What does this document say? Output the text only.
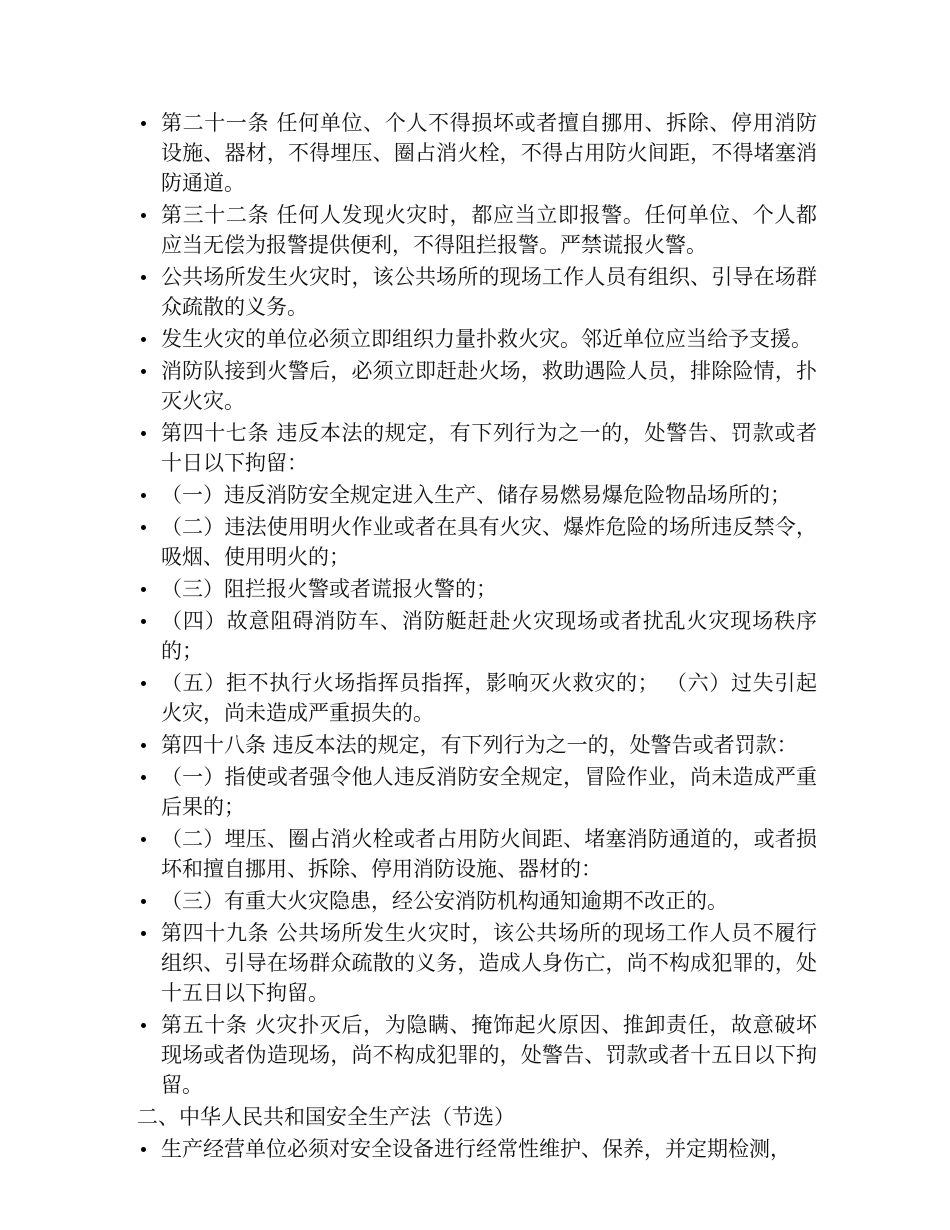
第二十一条 任何单位、个人不得损坏或者擅自挪用、拆除、停用消防设施、器材，不得埋压、圈占消火栓，不得占用防火间距，不得堵塞消防通道。
第三十二条 任何人发现火灾时，都应当立即报警。任何单位、个人都应当无偿为报警提供便利，不得阻拦报警。严禁谎报火警。
公共场所发生火灾时，该公共场所的现场工作人员有组织、引导在场群众疏散的义务。
发生火灾的单位必须立即组织力量扑救火灾。邻近单位应当给予支援。
消防队接到火警后，必须立即赶赴火场，救助遇险人员，排除险情，扑灭火灾。
第四十七条 违反本法的规定，有下列行为之一的，处警告、罚款或者十日以下拘留：
（一）违反消防安全规定进入生产、储存易燃易爆危险物品场所的；
（二）违法使用明火作业或者在具有火灾、爆炸危险的场所违反禁令，吸烟、使用明火的；
（三）阻拦报火警或者谎报火警的；
（四）故意阻碍消防车、消防艇赶赴火灾现场或者扰乱火灾现场秩序的；
（五）拒不执行火场指挥员指挥，影响灭火救灾的； （六）过失引起火灾，尚未造成严重损失的。
第四十八条 违反本法的规定，有下列行为之一的，处警告或者罚款：
（一）指使或者强令他人违反消防安全规定，冒险作业，尚未造成严重后果的；
（二）埋压、圈占消火栓或者占用防火间距、堵塞消防通道的，或者损坏和擅自挪用、拆除、停用消防设施、器材的：
（三）有重大火灾隐患，经公安消防机构通知逾期不改正的。
第四十九条 公共场所发生火灾时，该公共场所的现场工作人员不履行组织、引导在场群众疏散的义务，造成人身伤亡，尚不构成犯罪的，处十五日以下拘留。
第五十条 火灾扑灭后，为隐瞒、掩饰起火原因、推卸责任，故意破坏现场或者伪造现场，尚不构成犯罪的，处警告、罚款或者十五日以下拘留。
二、中华人民共和国安全生产法（节选）
生产经营单位必须对安全设备进行经常性维护、保养，并定期检测，
